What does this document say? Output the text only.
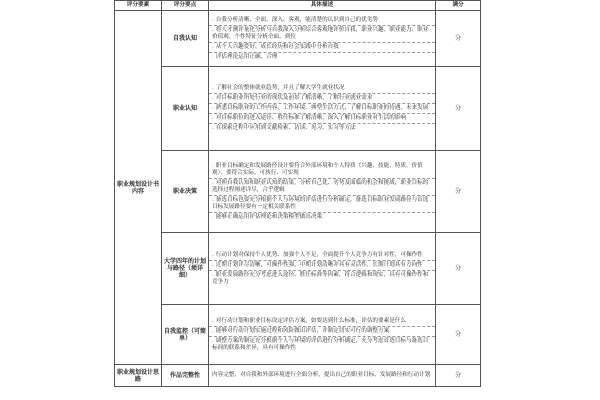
评分要素	评分要点	具体描述	满分
职业规划设计书内容	自我认知	. 自我分析清晰、全面、深入、客观，能清楚的认识到自己的优劣势
. 将人才测评量化分析与自我深入分析综合客观地评价自我，职业兴趣、职业能力、职业价值观、个性特征分析全面、到位
. 从个人兴趣爱好、成长经历和社会实践中分析自我
. 评估理论运用正确、合理	分
	职业认知	. 了解社会的整体就业趋势，并且了解大学生就业状况
. 对目标职业所处行业的现状及前景了解清晰，了解行业就业需求
. 熟悉目标职业的工作内容、工作环境、典型生活方式，了解目标职业的待遇、未来发展
. 对目标职位的进入途径、胜任标准了解清晰，深入了解目标职业对生活的影响
. 在探索过程中应用到文献检索、访谈、见习、实习等方法	分
	职业决策	. 职业目标确定和发展路径设计要符合外部环境和个人特质（兴趣、技能、特质、价值观），要符合实际，可执行、可实现
. 对照自我认知和职业认知的结果，分析自己优、劣势及面临的机会和挑战，职业目标的选择过程阐述详尽，合乎逻辑
. 备选目标也要充分根据个人与环境的评估进行分析确定，备选目标职业发展路径与首选目标发展路径要有一定相关联系性
. 能够正确运用评估理论和决策模型做出决策	分
	大学四年的计划与路径（须详细）	. 行动计划对保持个人优势、加强个人不足，全面提升个人竞争力有针对性，可操作性
. 近期计划详尽清晰，可操作性强，中期计划清晰并具有灵活性，长期计划具有方向性
. 职业发展路径充分考虑进入途径、胜任标准等因素，符合逻辑和现实，具有可操作性和竞争力	分
	自我监控（可简单）	. 对行动计划和职业目标设定评估方案，如要达到什么标准，评估的要素是什么
. 能够对行动计划实施过程和风险做出评估，并制定切实可行的调整方案
. 调整方案的制定充分根据个人与环境的评估进行分析确定，充分考虑首选目标与备选目标间的联系和差异，具有可操作性	分
职业规划设计思路	作品完整性	内容完整，对自我和外部环境进行全面分析，提出自己的职业目标、发展路径和行动计划	分
